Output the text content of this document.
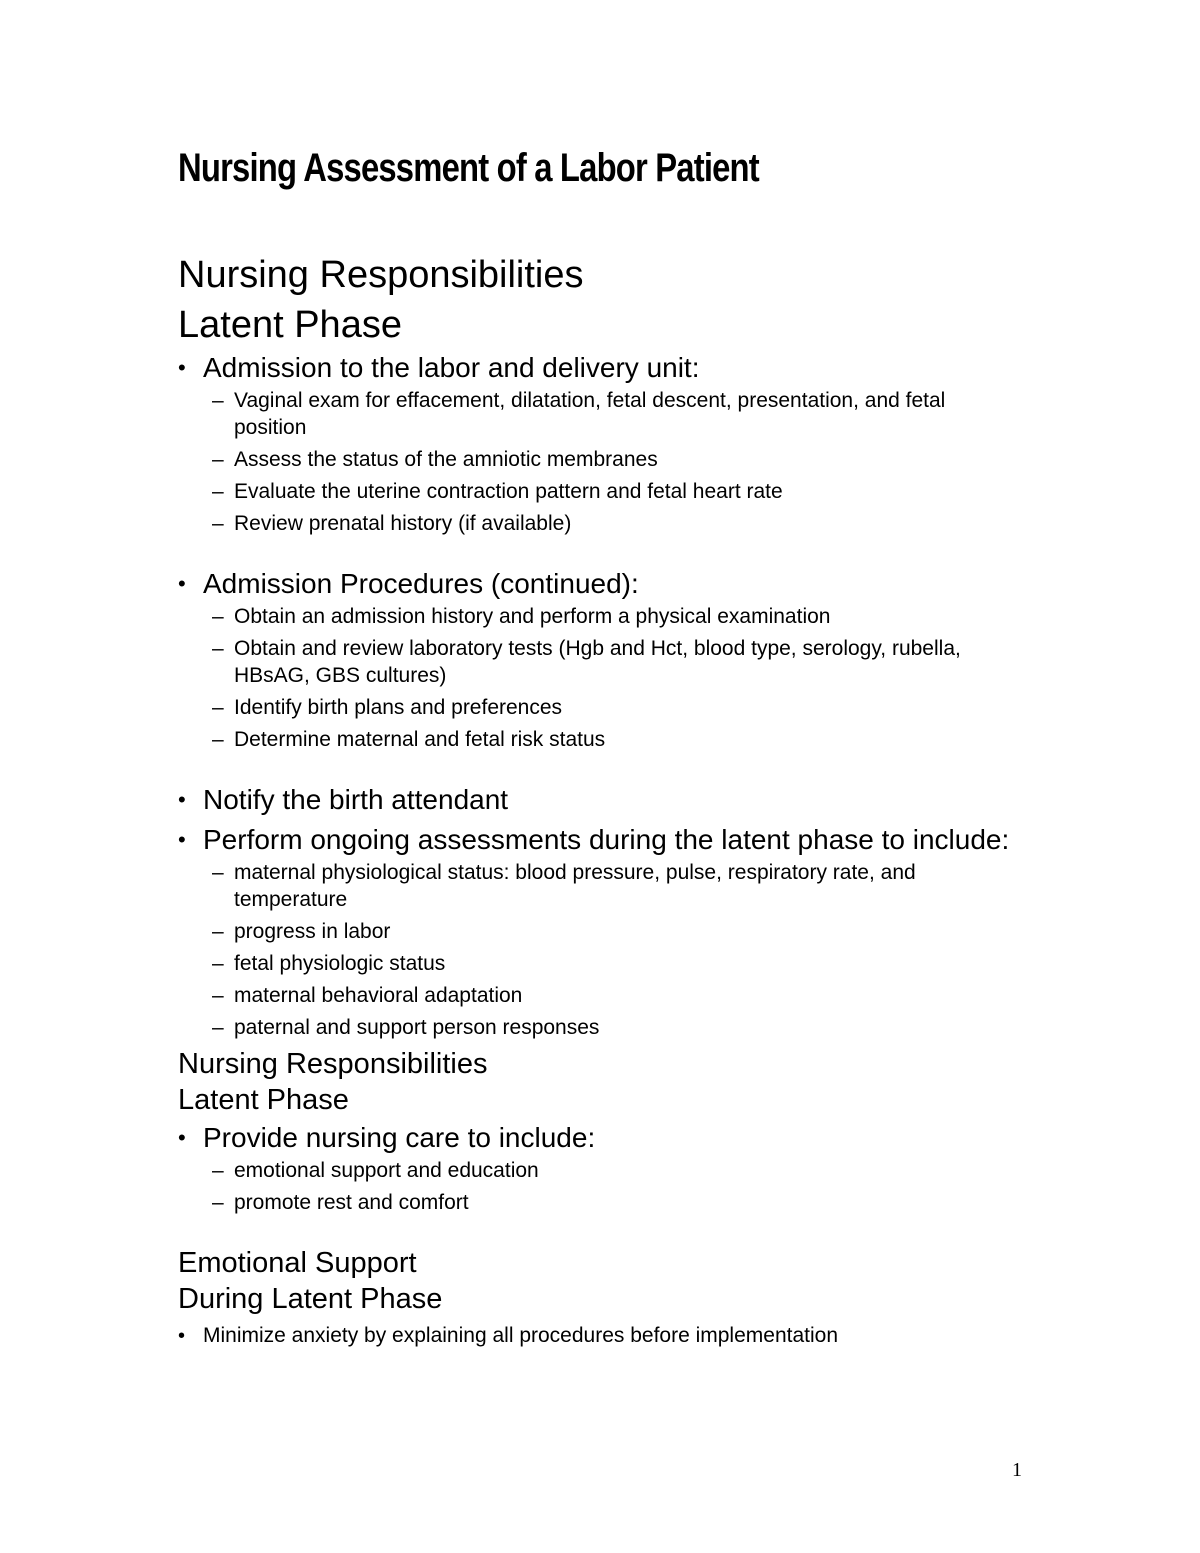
Nursing Assessment of a Labor Patient
Nursing Responsibilities
Latent Phase
• Admission to the labor and delivery unit:
– Vaginal exam for effacement, dilatation, fetal descent, presentation, and fetal position
– Assess the status of the amniotic membranes
– Evaluate the uterine contraction pattern and fetal heart rate
– Review prenatal history (if available)
• Admission Procedures (continued):
– Obtain an admission history and perform a physical examination
– Obtain and review laboratory tests (Hgb and Hct, blood type, serology, rubella, HBsAG, GBS cultures)
– Identify birth plans and preferences
– Determine maternal and fetal risk status
• Notify the birth attendant
• Perform ongoing assessments during the latent phase to include:
– maternal physiological status: blood pressure, pulse, respiratory rate, and temperature
– progress in labor
– fetal physiologic status
– maternal behavioral adaptation
– paternal and support person responses
Nursing Responsibilities
Latent Phase
• Provide nursing care to include:
– emotional support and education
– promote rest and comfort
Emotional Support
During Latent Phase
• Minimize anxiety by explaining all procedures before implementation
1
